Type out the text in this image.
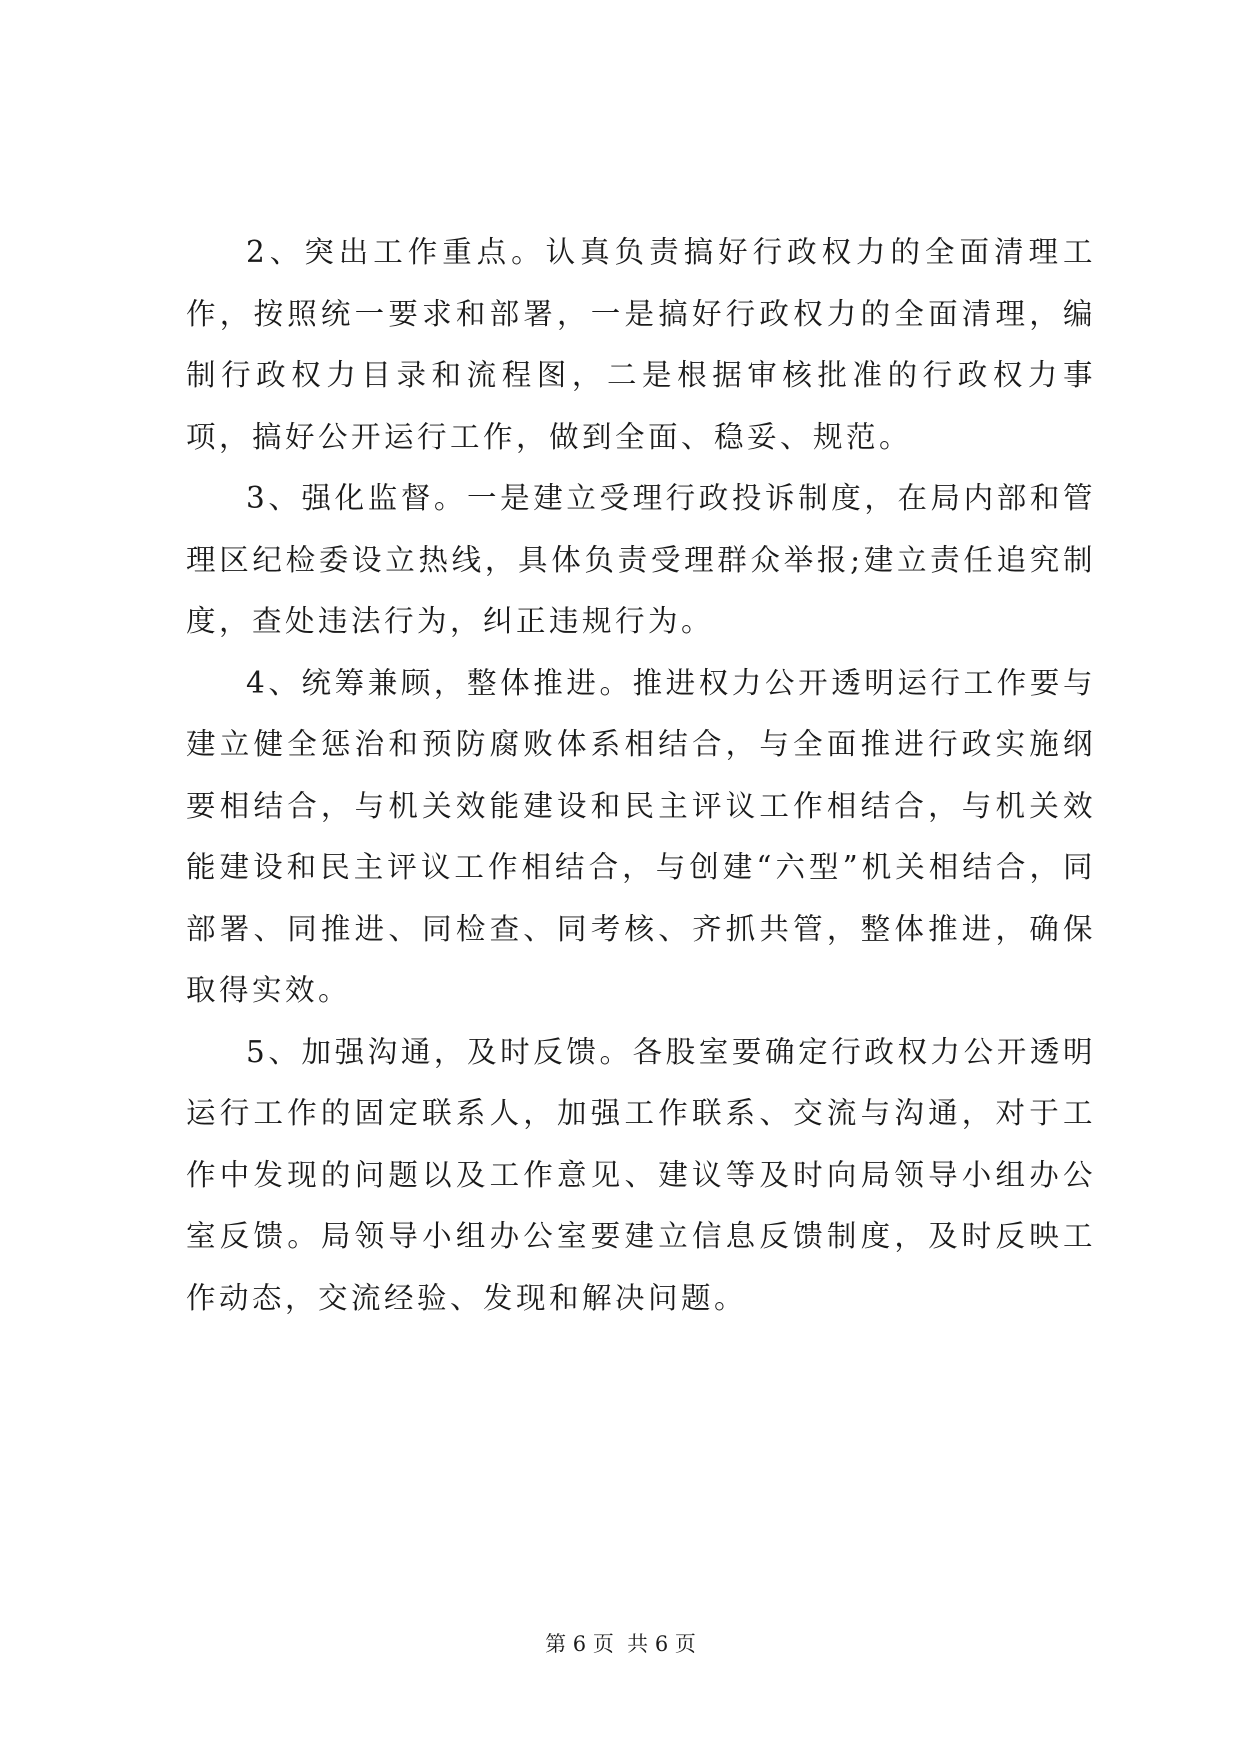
2、突出工作重点。认真负责搞好行政权力的全面清理工作，按照统一要求和部署，一是搞好行政权力的全面清理，编制行政权力目录和流程图，二是根据审核批准的行政权力事项，搞好公开运行工作，做到全面、稳妥、规范。

3、强化监督。一是建立受理行政投诉制度，在局内部和管理区纪检委设立热线，具体负责受理群众举报;建立责任追究制度，查处违法行为，纠正违规行为。

4、统筹兼顾，整体推进。推进权力公开透明运行工作要与建立健全惩治和预防腐败体系相结合，与全面推进行政实施纲要相结合，与机关效能建设和民主评议工作相结合，与机关效能建设和民主评议工作相结合，与创建“六型”机关相结合，同部署、同推进、同检查、同考核、齐抓共管，整体推进，确保取得实效。

5、加强沟通，及时反馈。各股室要确定行政权力公开透明运行工作的固定联系人，加强工作联系、交流与沟通，对于工作中发现的问题以及工作意见、建议等及时向局领导小组办公室反馈。局领导小组办公室要建立信息反馈制度，及时反映工作动态，交流经验、发现和解决问题。

第 6 页  共 6 页
